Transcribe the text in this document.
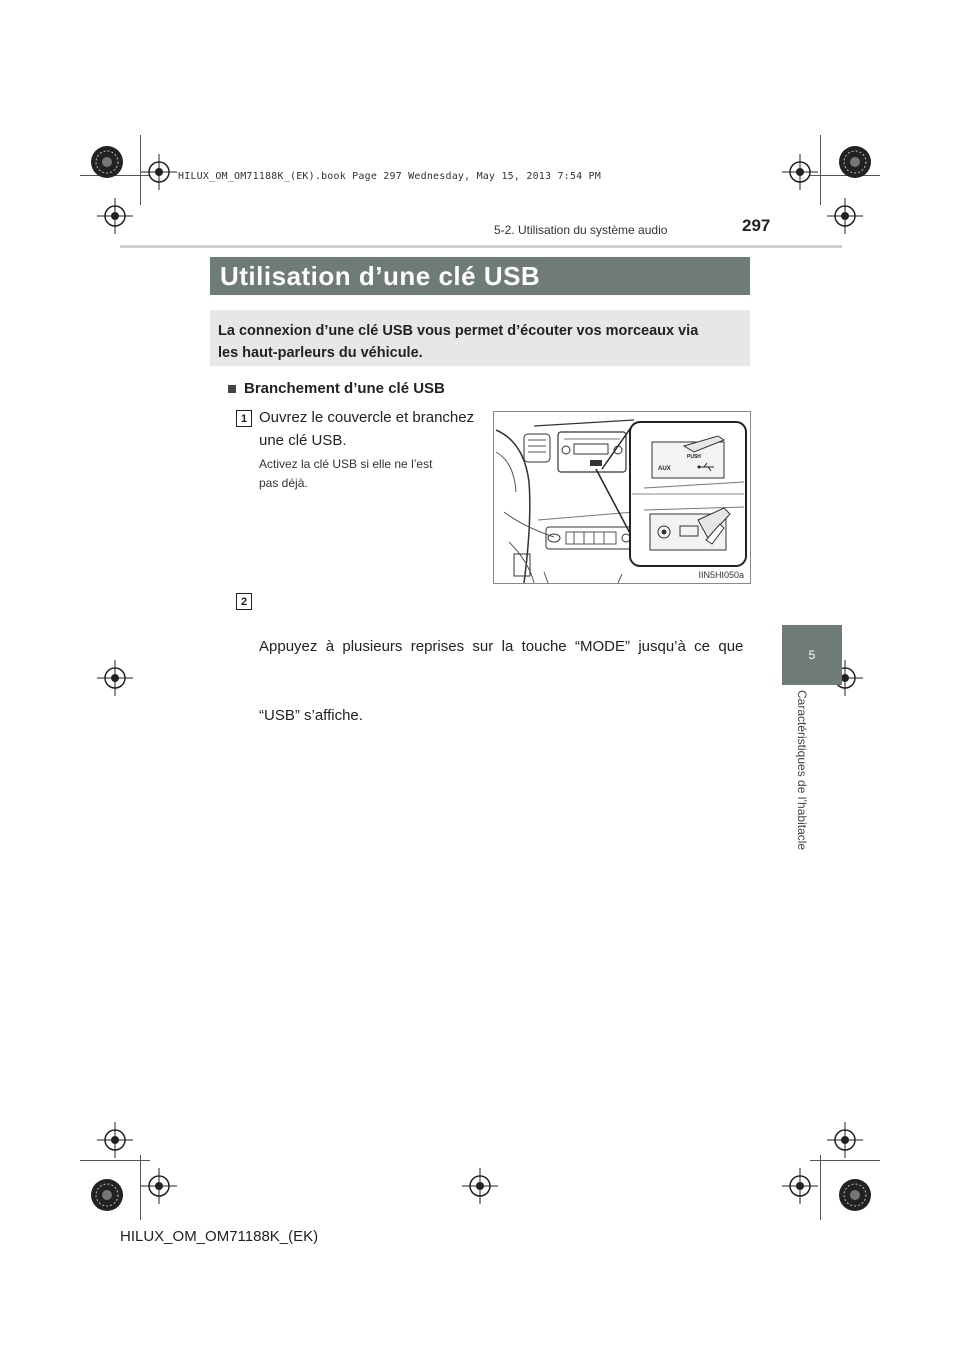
HILUX_OM_OM71188K_(EK).book Page 297 Wednesday, May 15, 2013 7:54 PM
5-2. Utilisation du système audio	297
5
Caractéristiques de l’habitacle
Utilisation d’une clé USB
La connexion d’une clé USB vous permet d’écouter vos morceaux via
les haut-parleurs du véhicule.
Branchement d’une clé USB
1 Ouvrez le couvercle et branchez
une clé USB.
Activez la clé USB si elle ne l’est
pas déjà.
PUSH
AUX
IIN5HI050a
2

Appuyez  à  plusieurs  reprises  sur  la  touche  “MODE”  jusqu’à  ce  que

“USB” s’affiche.

HILUX_OM_OM71188K_(EK)
